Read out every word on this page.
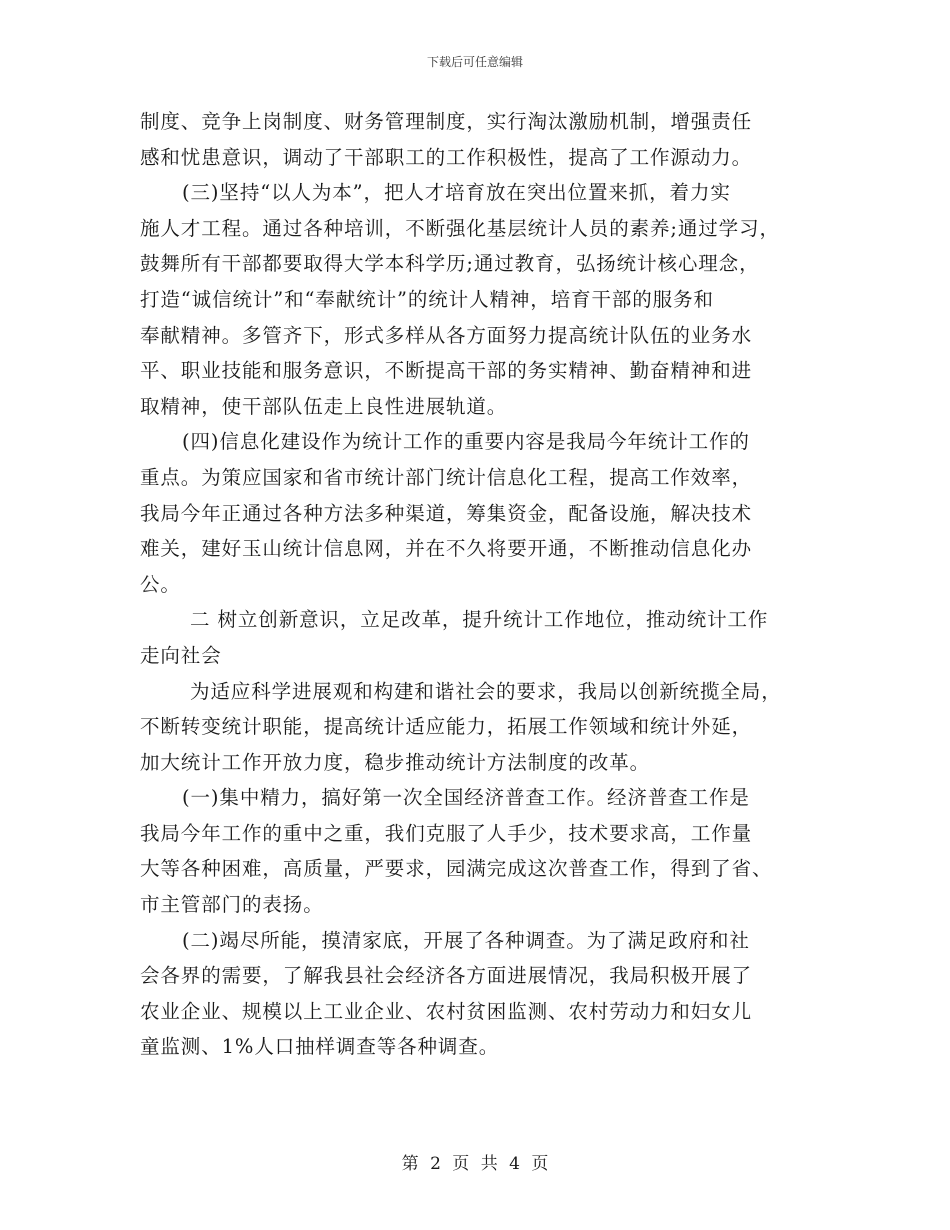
下载后可任意编辑
制度、竞争上岗制度、财务管理制度，实行淘汰激励机制，增强责任
感和忧患意识，调动了干部职工的工作积极性，提高了工作源动力。
(三)坚持“以人为本”，把人才培育放在突出位置来抓，着力实
施人才工程。通过各种培训，不断强化基层统计人员的素养;通过学习，
鼓舞所有干部都要取得大学本科学历;通过教育，弘扬统计核心理念，
打造“诚信统计”和“奉献统计”的统计人精神，培育干部的服务和
奉献精神。多管齐下，形式多样从各方面努力提高统计队伍的业务水
平、职业技能和服务意识，不断提高干部的务实精神、勤奋精神和进
取精神，使干部队伍走上良性进展轨道。
(四)信息化建设作为统计工作的重要内容是我局今年统计工作的
重点。为策应国家和省市统计部门统计信息化工程，提高工作效率，
我局今年正通过各种方法多种渠道，筹集资金，配备设施，解决技术
难关，建好玉山统计信息网，并在不久将要开通，不断推动信息化办
公。
二 树立创新意识，立足改革，提升统计工作地位，推动统计工作
走向社会
为适应科学进展观和构建和谐社会的要求，我局以创新统揽全局，
不断转变统计职能，提高统计适应能力，拓展工作领域和统计外延，
加大统计工作开放力度，稳步推动统计方法制度的改革。
(一)集中精力，搞好第一次全国经济普查工作。经济普查工作是
我局今年工作的重中之重，我们克服了人手少，技术要求高，工作量
大等各种困难，高质量，严要求，园满完成这次普查工作，得到了省、
市主管部门的表扬。
(二)竭尽所能，摸清家底，开展了各种调查。为了满足政府和社
会各界的需要，了解我县社会经济各方面进展情况，我局积极开展了
农业企业、规模以上工业企业、农村贫困监测、农村劳动力和妇女儿
童监测、1%人口抽样调查等各种调查。
第 2 页 共 4 页
